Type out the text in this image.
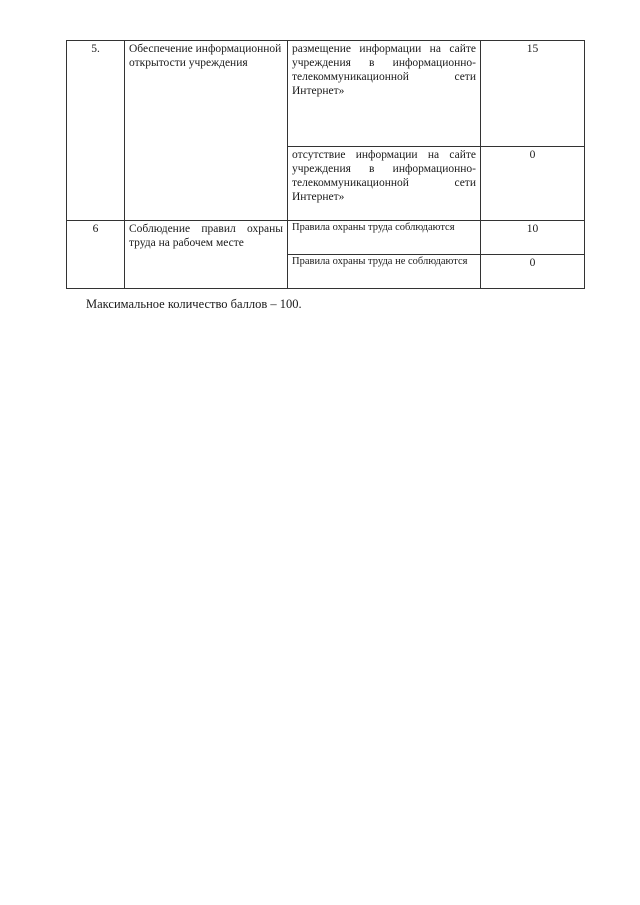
5.	Обеспечение информационной открытости учреждения	размещение информации на сайте учреждения в информационно-телекоммуникационной сети Интернет»	15
		отсутствие информации на сайте учреждения в информационно-телекоммуникационной сети Интернет»	0
6	Соблюдение правил охраны труда на рабочем месте	Правила охраны труда соблюдаются	10
		Правила охраны труда не соблюдаются	0
Максимальное количество баллов – 100.
